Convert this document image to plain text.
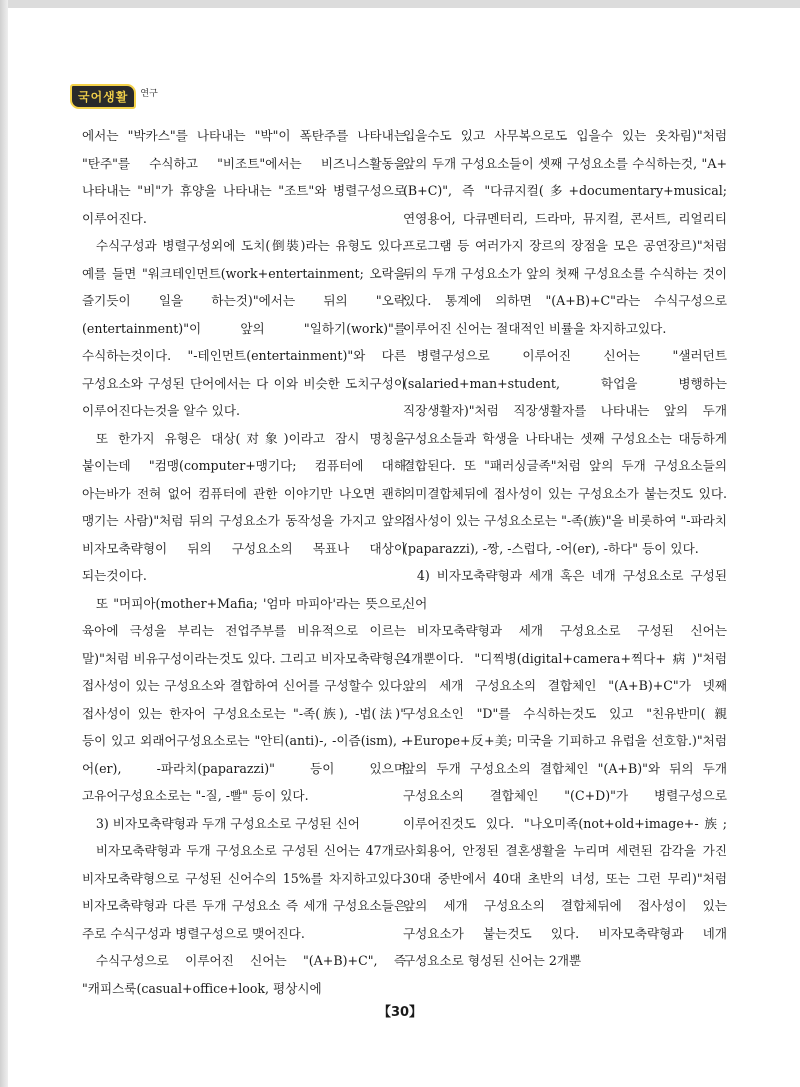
국어생활	연구

에서는 "박카스"를 나타내는 "박"이 폭탄주를 나타내는 "탄주"를 수식하고 "비조트"에서는 비즈니스활동을 나타내는 "비"가 휴양을 나타내는 "조트"와 병렬구성으로 이루어진다.

수식구성과 병렬구성외에 도치(倒裝)라는 유형도 있다. 예를 들면 "워크테인먼트(work+entertainment; 오락을 즐기듯이 일을 하는것)"에서는 뒤의 "오락(entertainment)"이 앞의 "일하기(work)"를 수식하는것이다. "-테인먼트(entertainment)"와 다른 구성요소와 구성된 단어에서는 다 이와 비슷한 도치구성이 이루어진다는것을 알수 있다.

또 한가지 유형은 대상(对象)이라고 잠시 명칭을 붙이는데 "컴맹(computer+맹기다; 컴퓨터에 대해 아는바가 전혀 없어 컴퓨터에 관한 이야기만 나오면 괜히 맹기는 사람)"처럼 뒤의 구성요소가 동작성을 가지고 앞의 비자모축략형이 뒤의 구성요소의 목표나 대상이 되는것이다.

또 "머피아(mother+Mafia; '엄마 마피아'라는 뜻으로, 육아에 극성을 부리는 전업주부를 비유적으로 이르는 말)"처럼 비유구성이라는것도 있다. 그리고 비자모축략형은 접사성이 있는 구성요소와 결합하여 신어를 구성할수 있다. 접사성이 있는 한자어 구성요소로는 "-족(族), -법(法)" 등이 있고 외래어구성요소로는 "안티(anti)-, -이즘(ism), -어(er), -파라치(paparazzi)" 등이 있으며 고유어구성요소로는 "-질, -빨" 등이 있다.

3) 비자모축략형과 두개 구성요소로 구성된 신어

비자모축략형과 두개 구성요소로 구성된 신어는 47개로 비자모축략형으로 구성된 신어수의 15%를 차지하고있다. 비자모축략형과 다른 두개 구성요소 즉 세개 구성요소들은 주로 수식구성과 병렬구성으로 맺어진다.

수식구성으로 이루어진 신어는 "(A+B)+C", 즉 "캐피스룩(casual+office+look, 평상시에

입을수도 있고 사무복으로도 입을수 있는 옷차림)"처럼 앞의 두개 구성요소들이 셋째 구성요소를 수식하는것, "A+(B+C)", 즉 "다큐지컬(多+documentary+musical; 연영용어, 다큐멘터리, 드라마, 뮤지컬, 콘서트, 리얼리티 프로그램 등 여러가지 장르의 장점을 모은 공연장르)"처럼 뒤의 두개 구성요소가 앞의 첫째 구성요소를 수식하는 것이 있다. 통계에 의하면 "(A+B)+C"라는 수식구성으로 이루어진 신어는 절대적인 비률을 차지하고있다.

병렬구성으로 이루어진 신어는 "샐러던트(salaried+man+student, 학업을 병행하는 직장생활자)"처럼 직장생활자를 나타내는 앞의 두개 구성요소들과 학생을 나타내는 셋째 구성요소는 대등하게 결합된다. 또 "패러싱글족"처럼 앞의 두개 구성요소들의 의미결합체뒤에 접사성이 있는 구성요소가 붙는것도 있다. 접사성이 있는 구성요소로는 "-족(族)"을 비롯하여 "-파라치(paparazzi), -짱, -스럽다, -어(er), -하다" 등이 있다.

4) 비자모축략형과 세개 혹은 네개 구성요소로 구성된 신어

비자모축략형과 세개 구성요소로 구성된 신어는 4개뿐이다. "디찍병(digital+camera+찍다+病)"처럼 앞의 세개 구성요소의 결합체인 "(A+B)+C"가 넷째 구성요소인 "D"를 수식하는것도 있고 "친유반미(親+Europe+反+美; 미국을 기피하고 유럽을 선호함.)"처럼 앞의 두개 구성요소의 결합체인 "(A+B)"와 뒤의 두개 구성요소의 결합체인 "(C+D)"가 병렬구성으로 이루어진것도 있다. "나오미족(not+old+image+-族; 사회용어, 안정된 결혼생활을 누리며 세련된 감각을 가진 30대 중반에서 40대 초반의 녀성, 또는 그런 무리)"처럼 앞의 세개 구성요소의 결합체뒤에 접사성이 있는 구성요소가 붙는것도 있다. 비자모축략형과 네개 구성요소로 형성된 신어는 2개뿐

【30】
